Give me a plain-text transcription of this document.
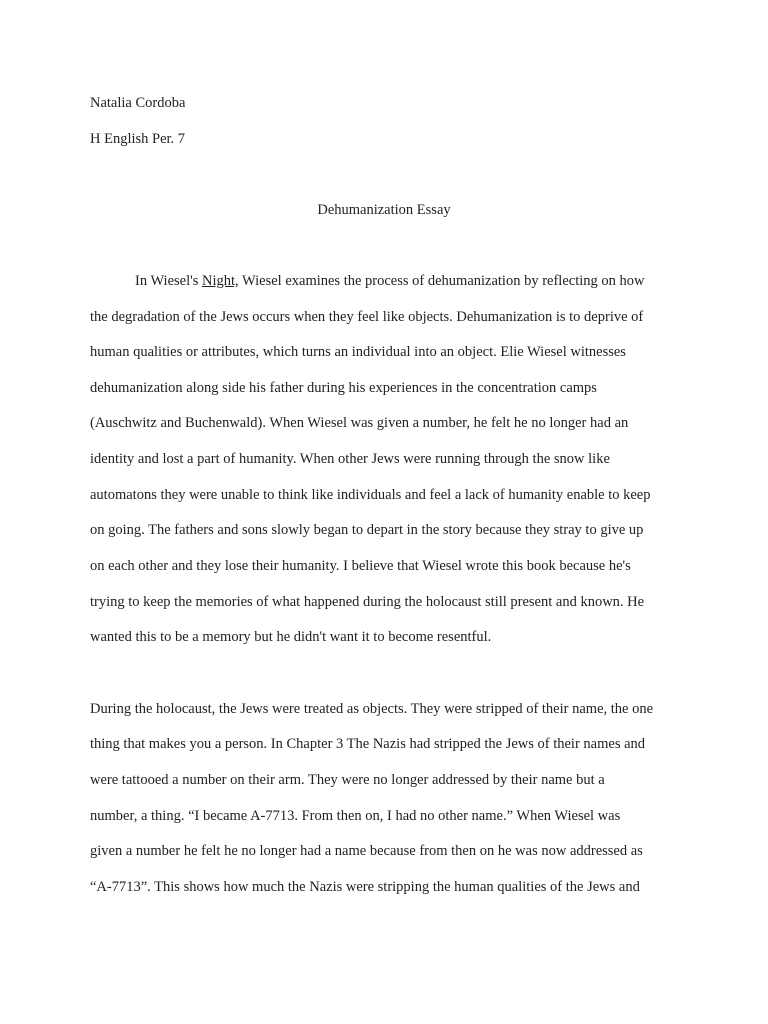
Natalia Cordoba
H English Per. 7
Dehumanization Essay
In Wiesel's Night, Wiesel examines the process of dehumanization by reflecting on how
the degradation of the Jews occurs when they feel like objects. Dehumanization is to deprive of
human qualities or attributes, which turns an individual into an object. Elie Wiesel witnesses
dehumanization along side his father during his experiences in the concentration camps
(Auschwitz and Buchenwald). When Wiesel was given a number, he felt he no longer had an
identity and lost a part of humanity. When other Jews were running through the snow like
automatons they were unable to think like individuals and feel a lack of humanity enable to keep
on going. The fathers and sons slowly began to depart in the story because they stray to give up
on each other and they lose their humanity. I believe that Wiesel wrote this book because he's
trying to keep the memories of what happened during the holocaust still present and known. He
wanted this to be a memory but he didn't want it to become resentful.
During the holocaust, the Jews were treated as objects. They were stripped of their name, the one
thing that makes you a person. In Chapter 3 The Nazis had stripped the Jews of their names and
were tattooed a number on their arm. They were no longer addressed by their name but a
number, a thing. “I became A-7713. From then on, I had no other name.” When Wiesel was
given a number he felt he no longer had a name because from then on he was now addressed as
“A-7713”. This shows how much the Nazis were stripping the human qualities of the Jews and
